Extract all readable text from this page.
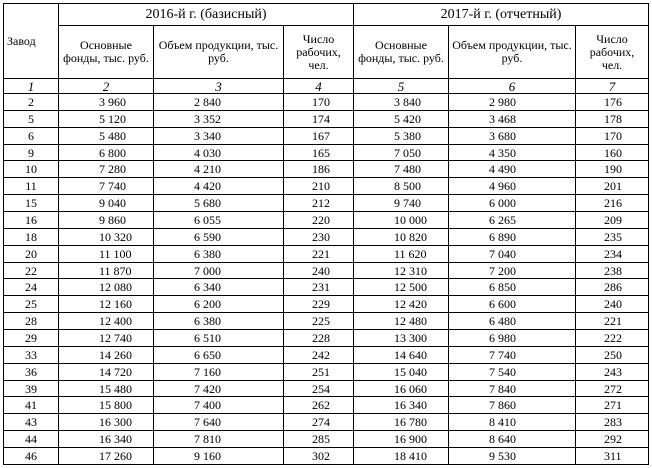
Завод	2016-й г. (базисный)			2017-й г. (отчетный)		
	Основные фонды, тыс. руб.	Объем продукции, тыс. руб.	Число рабочих, чел.	Основные фонды, тыс. руб.	Объем продукции, тыс. руб.	Число рабочих, чел.
1	2	3	4	5	6	7
2	3 960	2 840	170	3 840	2 980	176
5	5 120	3 352	174	5 420	3 468	178
6	5 480	3 340	167	5 380	3 680	170
9	6 800	4 030	165	7 050	4 350	160
10	7 280	4 210	186	7 480	4 490	190
11	7 740	4 420	210	8 500	4 960	201
15	9 040	5 680	212	9 740	6 000	216
16	9 860	6 055	220	10 000	6 265	209
18	10 320	6 590	230	10 820	6 890	235
20	11 100	6 380	221	11 620	7 040	234
22	11 870	7 000	240	12 310	7 200	238
24	12 080	6 340	231	12 500	6 850	286
25	12 160	6 200	229	12 420	6 600	240
28	12 400	6 380	225	12 480	6 480	221
29	12 740	6 510	228	13 300	6 980	222
33	14 260	6 650	242	14 640	7 740	250
36	14 720	7 160	251	15 040	7 540	243
39	15 480	7 420	254	16 060	7 840	272
41	15 800	7 400	262	16 340	7 860	271
43	16 300	7 640	274	16 780	8 410	283
44	16 340	7 810	285	16 900	8 640	292
46	17 260	9 160	302	18 410	9 530	311
